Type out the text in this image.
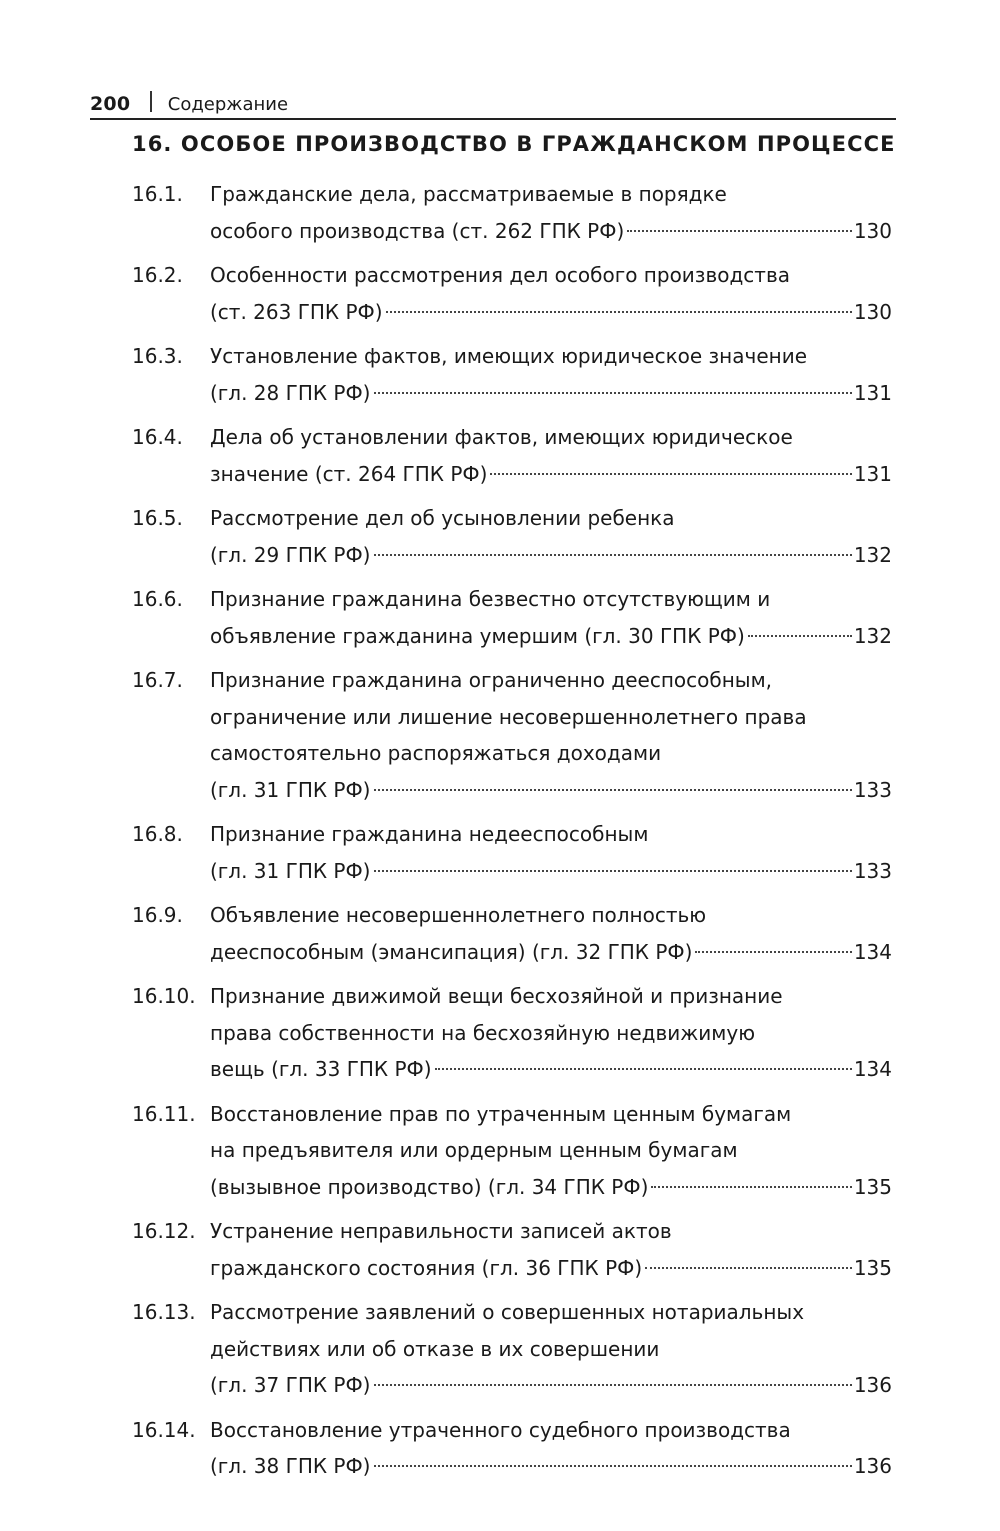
200 Содержание
16. ОСОБОЕ ПРОИЗВОДСТВО В ГРАЖДАНСКОМ ПРОЦЕССЕ
16.1.	Гражданские дела, рассматриваемые в порядке
особого производства (ст. 262 ГПК РФ)	130
16.2.	Особенности рассмотрения дел особого производства
(ст. 263 ГПК РФ)	130
16.3.	Установление фактов, имеющих юридическое значение
(гл. 28 ГПК РФ)	131
16.4.	Дела об установлении фактов, имеющих юридическое
значение (ст. 264 ГПК РФ)	131
16.5.	Рассмотрение дел об усыновлении ребенка
(гл. 29 ГПК РФ)	132
16.6.	Признание гражданина безвестно отсутствующим и
объявление гражданина умершим (гл. 30 ГПК РФ)	132
16.7.	Признание гражданина ограниченно дееспособным,
ограничение или лишение несовершеннолетнего права
самостоятельно распоряжаться доходами
(гл. 31 ГПК РФ)	133
16.8.	Признание гражданина недееспособным
(гл. 31 ГПК РФ)	133
16.9.	Объявление несовершеннолетнего полностью
дееспособным (эмансипация) (гл. 32 ГПК РФ)	134
16.10. Признание движимой вещи бесхозяйной и признание
права собственности на бесхозяйную недвижимую
вещь (гл. 33 ГПК РФ)	134
16.11. Восстановление прав по утраченным ценным бумагам
на предъявителя или ордерным ценным бумагам
(вызывное производство) (гл. 34 ГПК РФ)	135
16.12. Устранение неправильности записей актов
гражданского состояния (гл. 36 ГПК РФ)	135
16.13. Рассмотрение заявлений о совершенных нотариальных
действиях или об отказе в их совершении
(гл. 37 ГПК РФ)	136
16.14. Восстановление утраченного судебного производства
(гл. 38 ГПК РФ)	136
